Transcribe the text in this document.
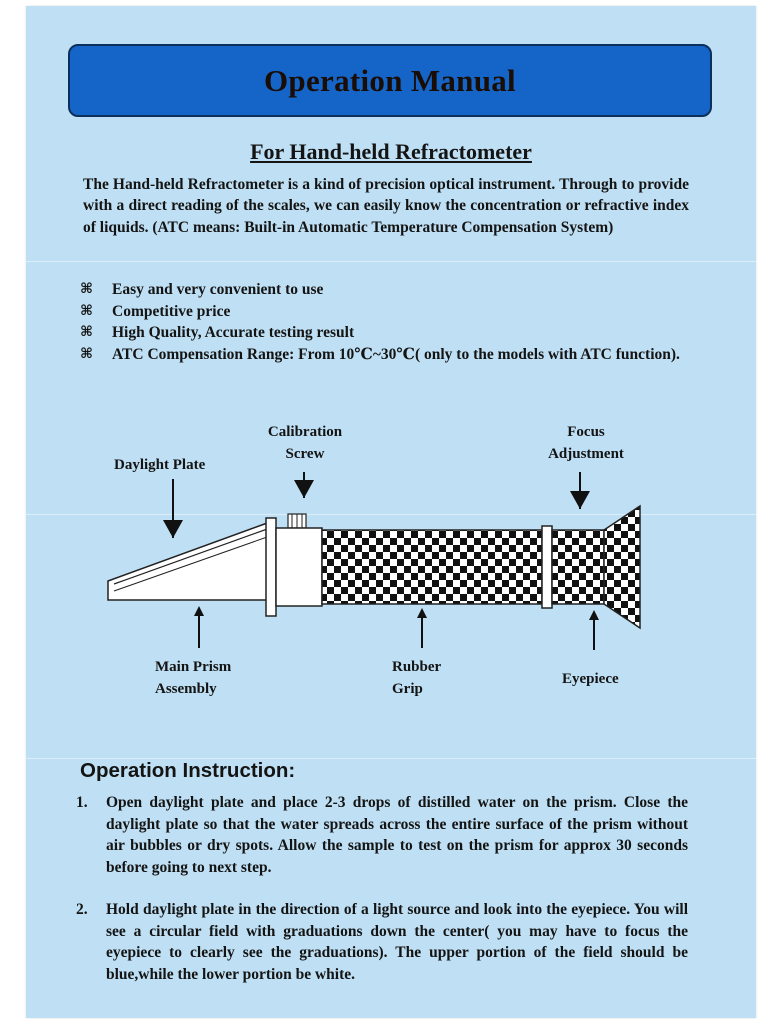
Operation Manual
For Hand-held Refractometer

The Hand-held Refractometer is a kind of precision optical instrument. Through to provide with a direct reading of the scales, we can easily know the concentration or refractive index of liquids. (ATC means: Built-in Automatic Temperature Compensation System)

⌘	Easy and very convenient to use
⌘	Competitive price
⌘	High Quality, Accurate testing result
⌘	ATC Compensation Range: From 10℃~30℃( only to the models with ATC function).
Calibration
Screw
Daylight Plate
Focus
Adjustment
Main Prism
Assembly
Rubber
Grip
Eyepiece
Operation Instruction:
1.	Open daylight plate and place 2-3 drops of distilled water on the prism. Close the daylight plate so that the water spreads across the entire surface of the prism without air bubbles or dry spots. Allow the sample to test on the prism for approx 30 seconds before going to next step.
2.	Hold daylight plate in the direction of a light source and look into the eyepiece. You will see a circular field with graduations down the center( you may have to focus the eyepiece to clearly see the graduations). The upper portion of the field should be blue,while the lower portion be white.
